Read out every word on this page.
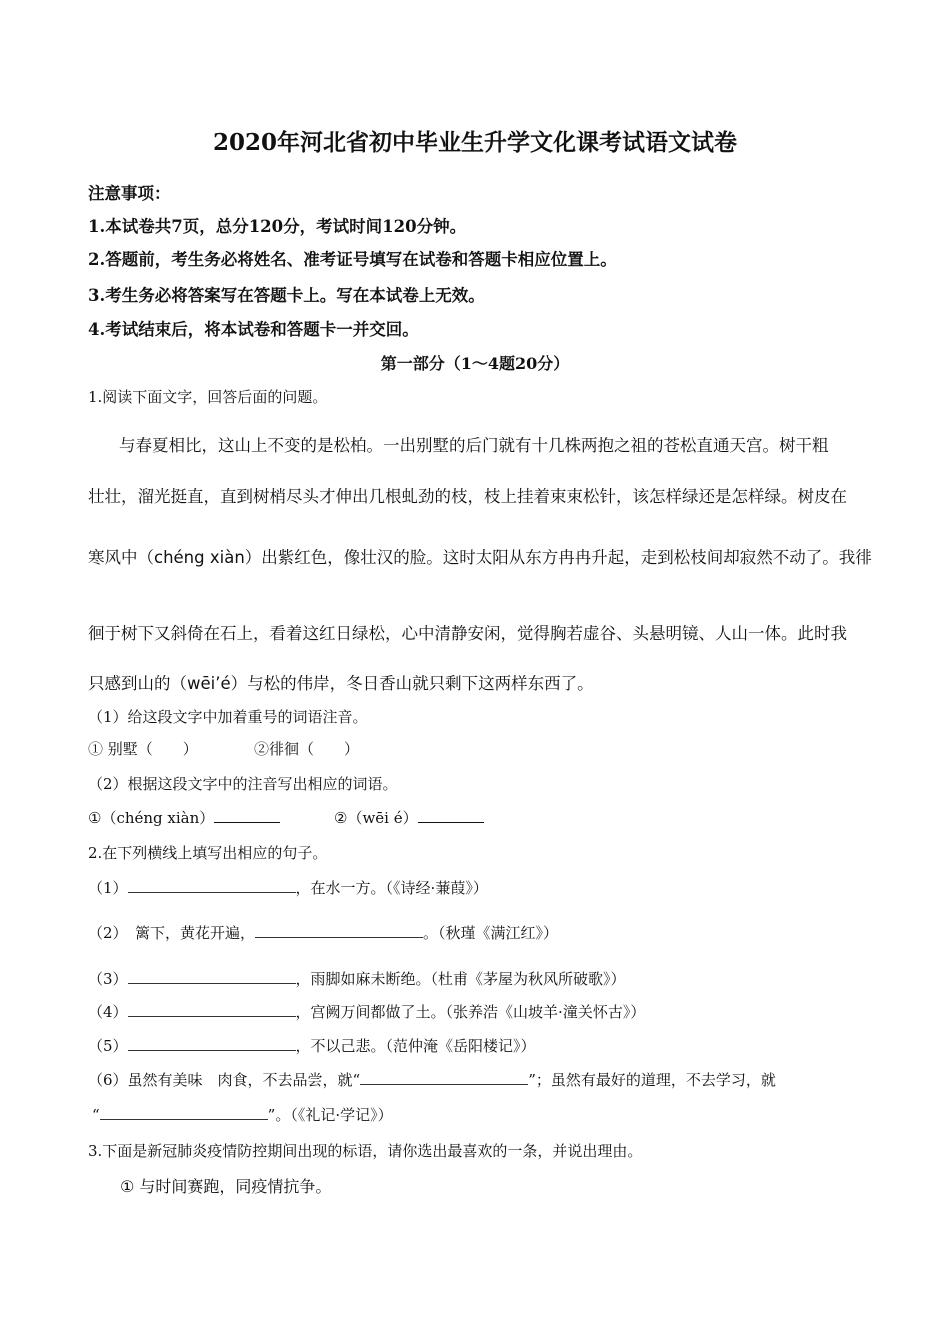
2020年河北省初中毕业生升学文化课考试语文试卷
注意事项：
1.本试卷共7页，总分120分，考试时间120分钟。
2.答题前，考生务必将姓名、准考证号填写在试卷和答题卡相应位置上。
3.考生务必将答案写在答题卡上。写在本试卷上无效。
4.考试结束后，将本试卷和答题卡一并交回。
第一部分（1～4题20分）
1.阅读下面文字，回答后面的问题。
与春夏相比，这山上不变的是松柏。一出别墅的后门就有十几株两抱之祖的苍松直通天宫。树干粗
壮壮，溜光挺直，直到树梢尽头才伸出几根虬劲的枝，枝上挂着束束松针，该怎样绿还是怎样绿。树皮在
寒风中（chéng xiàn）出紫红色，像壮汉的脸。这时太阳从东方冉冉升起，走到松枝间却寂然不动了。我徘
徊于树下又斜倚在石上，看着这红日绿松，心中清静安闲，觉得胸若虚谷、头悬明镜、人山一体。此时我
只感到山的（wēi’é）与松的伟岸，冬日香山就只剩下这两样东西了。
（1）给这段文字中加着重号的词语注音。
① 别墅（　　）	②徘徊（　　）
（2）根据这段文字中的注音写出相应的词语。
①（chéng xiàn）	②（wēi é）
2.在下列横线上填写出相应的句子。
（1）	，在水一方。（《诗经·蒹葭》）
（2）　篱下，黄花开遍，	。（秋瑾《满江红》）
（3）	，雨脚如麻未断绝。（杜甫《茅屋为秋风所破歌》）
（4）	，宫阙万间都做了土。（张养浩《山坡羊·潼关怀古》）
（5）	，不以己悲。（范仲淹《岳阳楼记》）
（6）虽然有美味　肉食，不去品尝，就“	”；虽然有最好的道理，不去学习，就
“	”。（《礼记·学记》）
3.下面是新冠肺炎疫情防控期间出现的标语，请你选出最喜欢的一条，并说出理由。
① 与时间赛跑，同疫情抗争。
